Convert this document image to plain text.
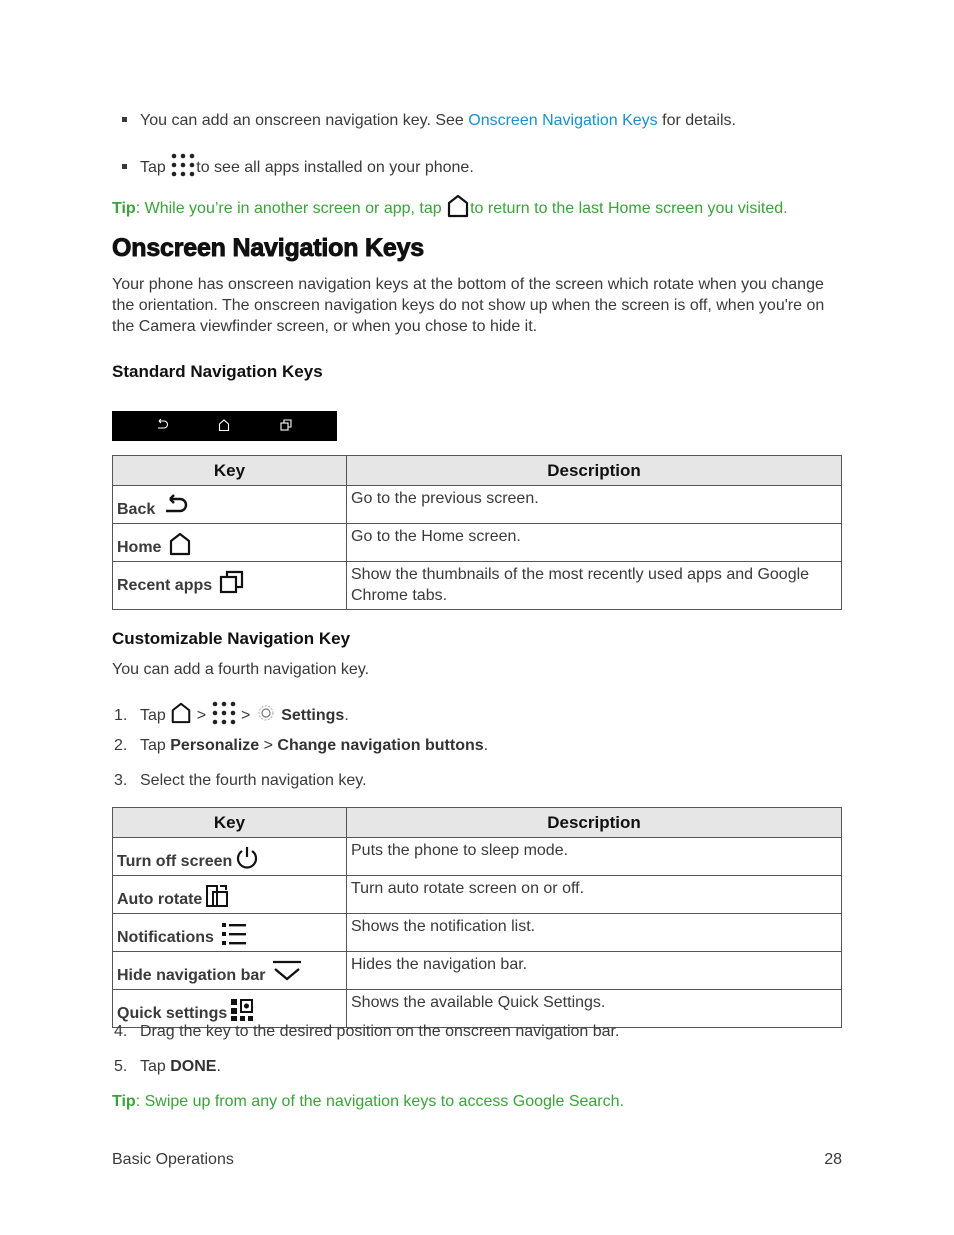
You can add an onscreen navigation key. See Onscreen Navigation Keys for details.
Tap to see all apps installed on your phone.
Tip: While you’re in another screen or app, tap to return to the last Home screen you visited.
Onscreen Navigation Keys
Your phone has onscreen navigation keys at the bottom of the screen which rotate when you change the orientation. The onscreen navigation keys do not show up when the screen is off, when you're on the Camera viewfinder screen, or when you chose to hide it.
Standard Navigation Keys
Key	Description
Back	Go to the previous screen.
Home	Go to the Home screen.
Recent apps	Show the thumbnails of the most recently used apps and Google Chrome tabs.
Customizable Navigation Key
You can add a fourth navigation key.
1. Tap  > > Settings.
2. Tap Personalize > Change navigation buttons.
3. Select the fourth navigation key.
Key	Description
Turn off screen	Puts the phone to sleep mode.
Auto rotate	Turn auto rotate screen on or off.
Notifications	Shows the notification list.
Hide navigation bar	Hides the navigation bar.
Quick settings	Shows the available Quick Settings.
4. Drag the key to the desired position on the onscreen navigation bar.
5. Tap DONE.
Tip: Swipe up from any of the navigation keys to access Google Search.
Basic Operations	28
